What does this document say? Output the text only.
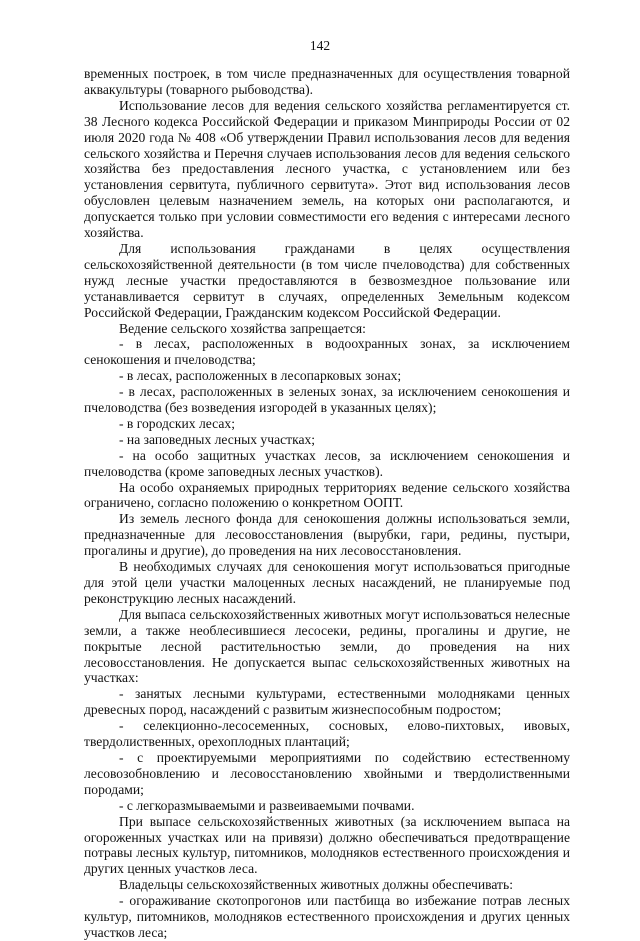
142

временных построек, в том числе предназначенных для осуществления товарной аквакультуры (товарного рыбоводства).

Использование лесов для ведения сельского хозяйства регламентируется ст. 38 Лесного кодекса Российской Федерации и приказом Минприроды России от 02 июля 2020 года № 408 «Об утверждении Правил использования лесов для ведения сельского хозяйства и Перечня случаев использования лесов для ведения сельского хозяйства без предоставления лесного участка, с установлением или без установления сервитута, публичного сервитута». Этот вид использования лесов обусловлен целевым назначением земель, на которых они располагаются, и допускается только при условии совместимости его ведения с интересами лесного хозяйства.

Для использования гражданами в целях осуществления сельскохозяйственной деятельности (в том числе пчеловодства) для собственных нужд лесные участки предоставляются в безвозмездное пользование или устанавливается сервитут в случаях, определенных Земельным кодексом Российской Федерации, Гражданским кодексом Российской Федерации.

Ведение сельского хозяйства запрещается:

- в лесах, расположенных в водоохранных зонах, за исключением сенокошения и пчеловодства;

- в лесах, расположенных в лесопарковых зонах;

- в лесах, расположенных в зеленых зонах, за исключением сенокошения и пчеловодства (без возведения изгородей в указанных целях);

- в городских лесах;

- на заповедных лесных участках;

- на особо защитных участках лесов, за исключением сенокошения и пчеловодства (кроме заповедных лесных участков).

На особо охраняемых природных территориях ведение сельского хозяйства ограничено, согласно положению о конкретном ООПТ.

Из земель лесного фонда для сенокошения должны использоваться земли, предназначенные для лесовосстановления (вырубки, гари, редины, пустыри, прогалины и другие), до проведения на них лесовосстановления.

В необходимых случаях для сенокошения могут использоваться пригодные для этой цели участки малоценных лесных насаждений, не планируемые под реконструкцию лесных насаждений.

Для выпаса сельскохозяйственных животных могут использоваться нелесные земли, а также необлесившиеся лесосеки, редины, прогалины и другие, не покрытые лесной растительностью земли, до проведения на них лесовосстановления. Не допускается выпас сельскохозяйственных животных на участках:

- занятых лесными культурами, естественными молодняками ценных древесных пород, насаждений с развитым жизнеспособным подростом;

- селекционно-лесосеменных, сосновых, елово-пихтовых, ивовых, твердолиственных, орехоплодных плантаций;

- с проектируемыми мероприятиями по содействию естественному лесовозобновлению и лесовосстановлению хвойными и твердолиственными породами;

- с легкоразмываемыми и развеиваемыми почвами.

При выпасе сельскохозяйственных животных (за исключением выпаса на огороженных участках или на привязи) должно обеспечиваться предотвращение потравы лесных культур, питомников, молодняков естественного происхождения и других ценных участков леса.

Владельцы сельскохозяйственных животных должны обеспечивать:

- огораживание скотопрогонов или пастбища во избежание потрав лесных культур, питомников, молодняков естественного происхождения и других ценных участков леса;
